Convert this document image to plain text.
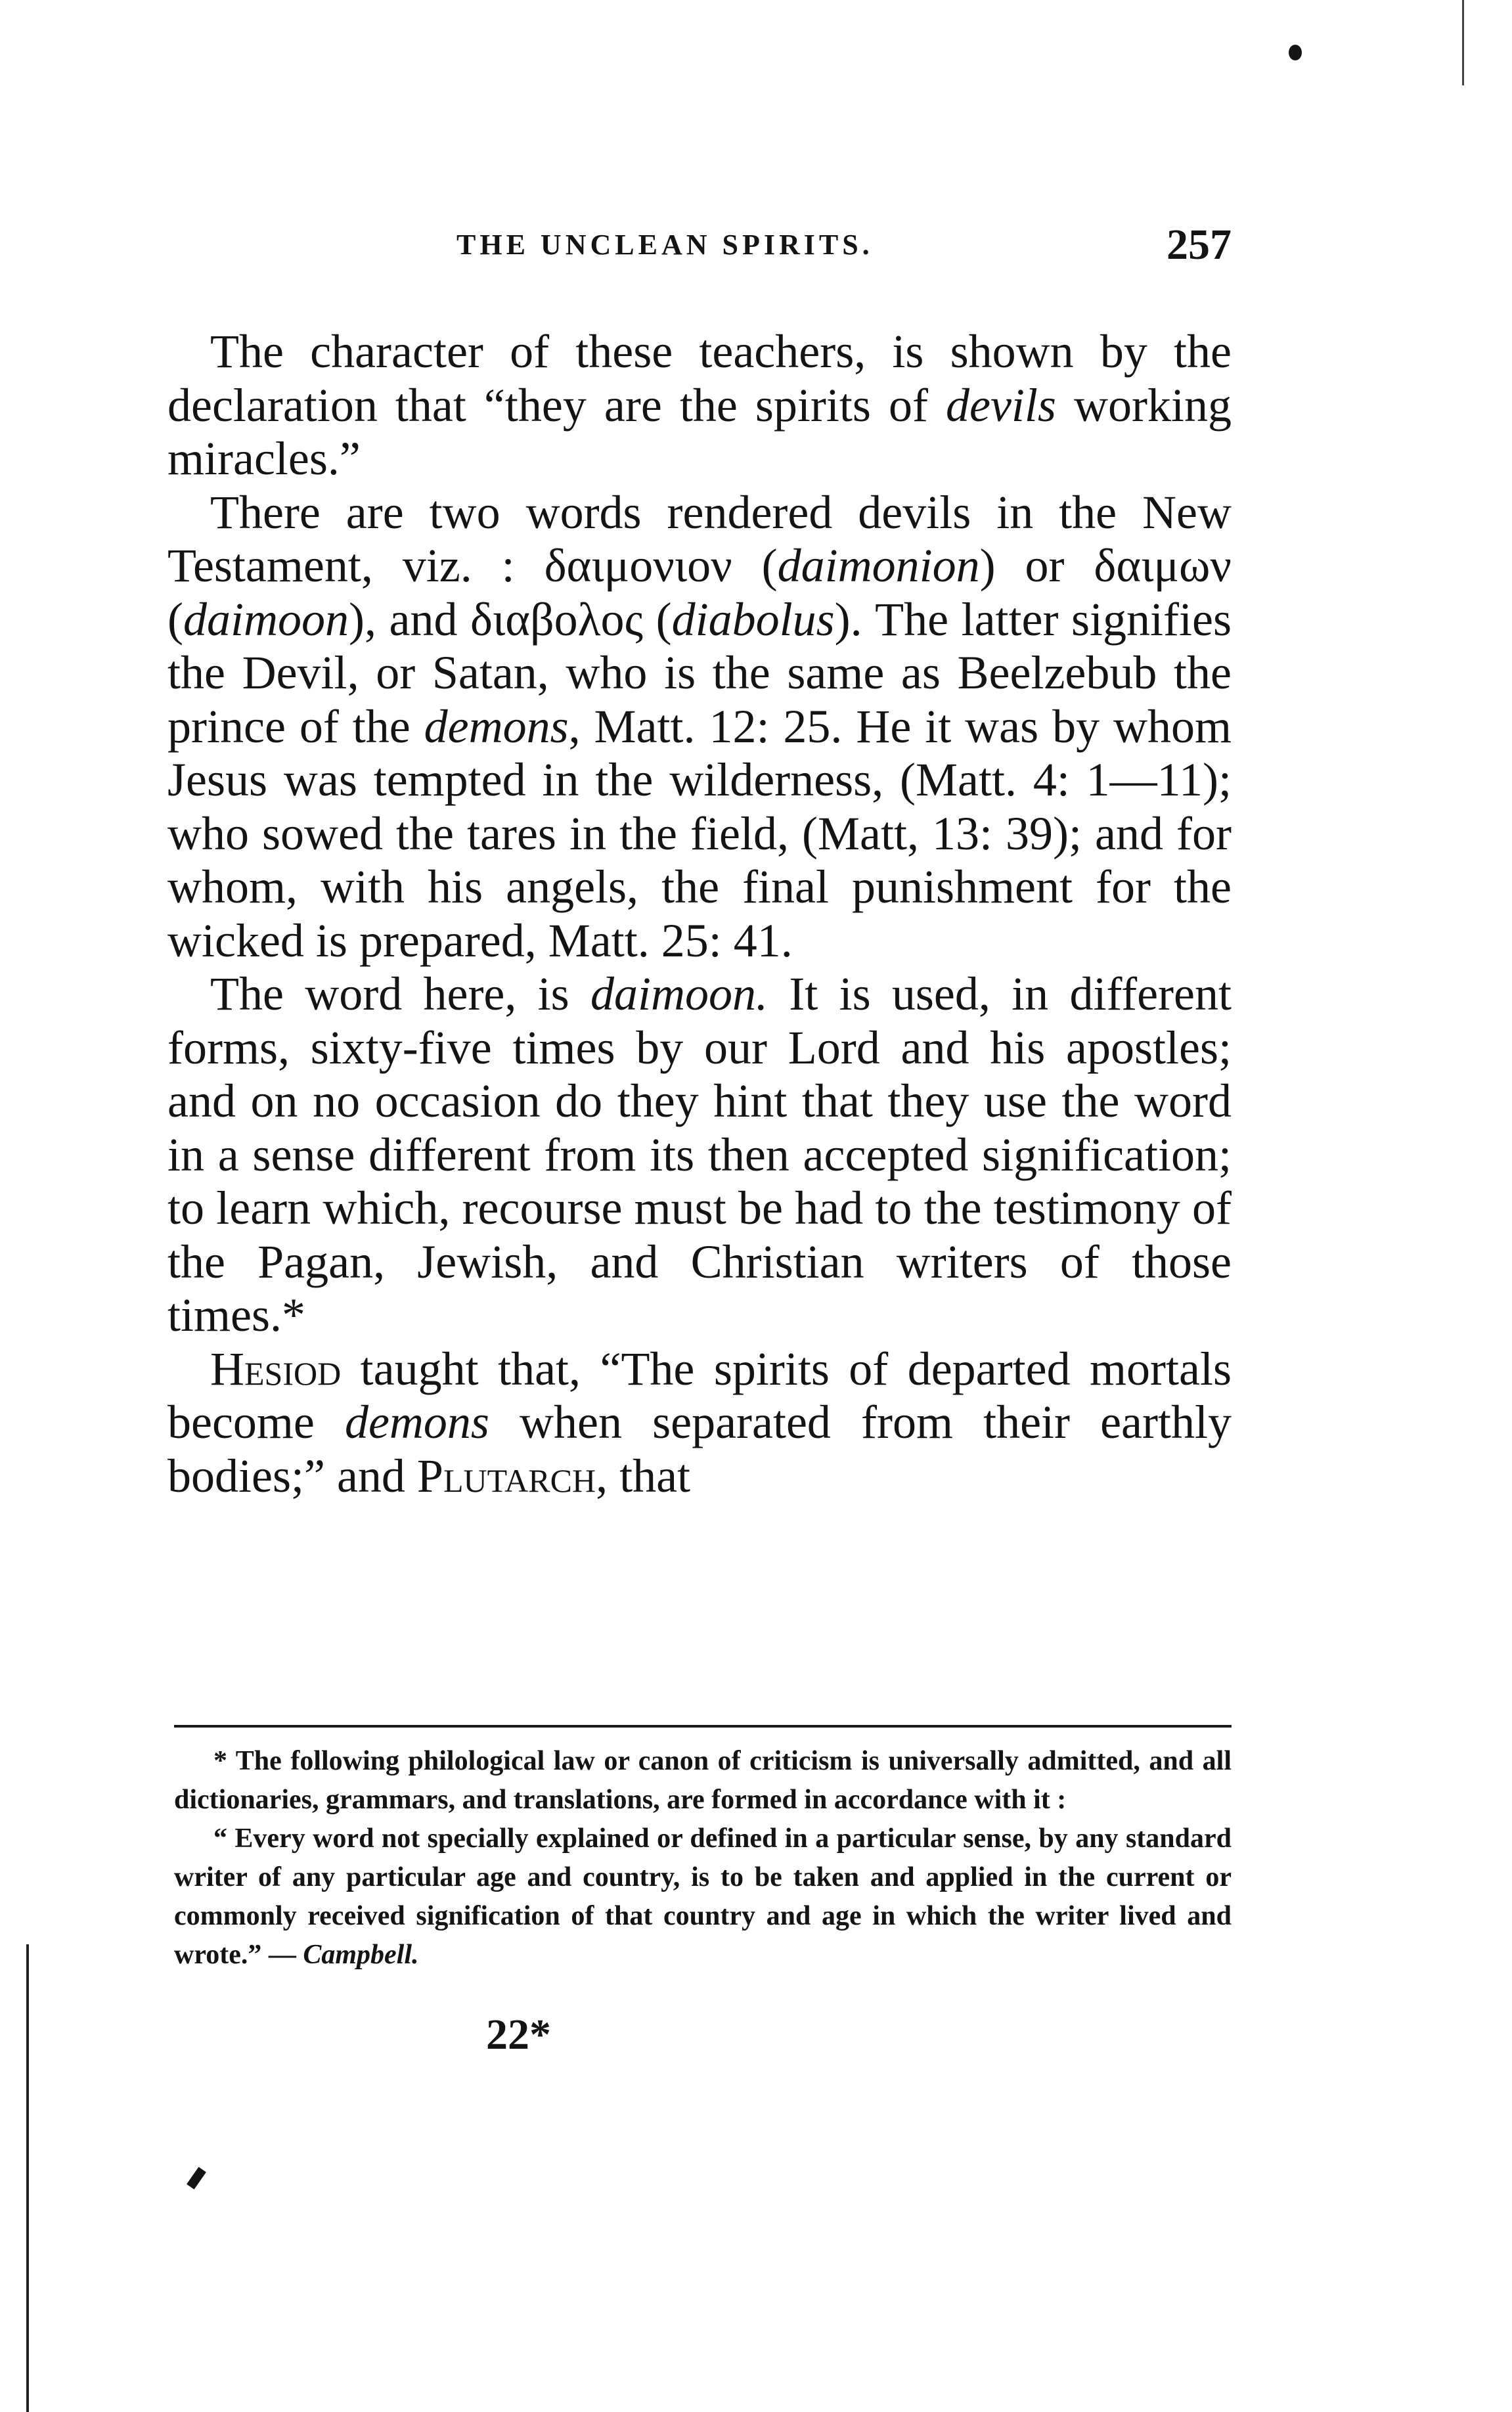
THE UNCLEAN SPIRITS.	257

The character of these teachers, is shown by the declaration that “they are the spirits of devils working miracles.”

There are two words rendered devils in the New Testament, viz. : δαιμονιον (daimonion) or δαιμων (daimoon), and διαβολος (diabolus). The latter signifies the Devil, or Satan, who is the same as Beelzebub the prince of the demons, Matt. 12: 25. He it was by whom Jesus was tempted in the wilderness, (Matt. 4: 1—11); who sowed the tares in the field, (Matt, 13: 39); and for whom, with his angels, the final punishment for the wicked is prepared, Matt. 25: 41.

The word here, is daimoon. It is used, in different forms, sixty-five times by our Lord and his apostles; and on no occasion do they hint that they use the word in a sense different from its then accepted signification; to learn which, recourse must be had to the testimony of the Pagan, Jewish, and Christian writers of those times.*

Hesiod taught that, “The spirits of departed mortals become demons when separated from their earthly bodies;” and Plutarch, that

* The following philological law or canon of criticism is universally admitted, and all dictionaries, grammars, and translations, are formed in accordance with it :

“ Every word not specially explained or defined in a particular sense, by any standard writer of any particular age and country, is to be taken and applied in the current or commonly received signification of that country and age in which the writer lived and wrote.” — Campbell.

22*
